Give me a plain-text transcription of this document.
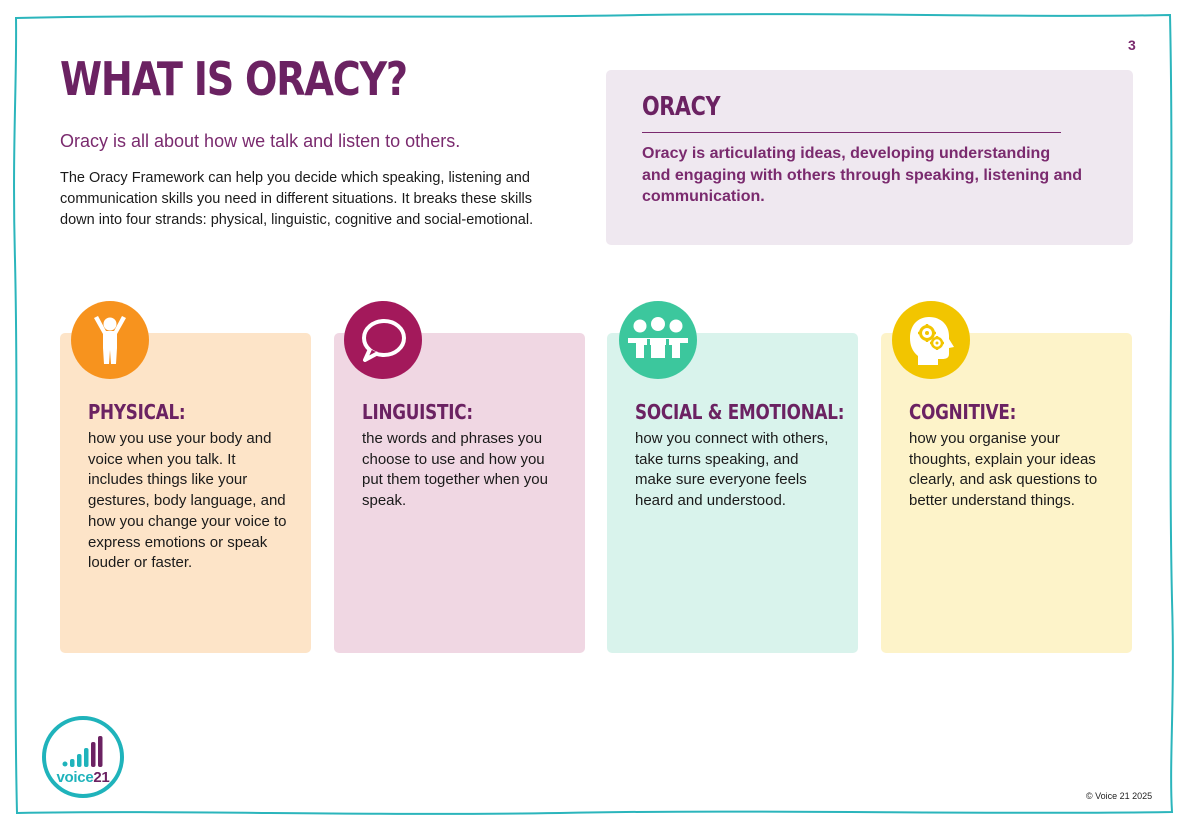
3
WHAT IS ORACY?

Oracy is all about how we talk and listen to others.

The Oracy Framework can help you decide which speaking, listening and communication skills you need in different situations. It breaks these skills down into four strands: physical, linguistic, cognitive and social-emotional.

ORACY

Oracy is articulating ideas, developing understanding and engaging with others through speaking, listening and communication.

PHYSICAL:

how you use your body and voice when you talk. It includes things like your gestures, body language, and how you change your voice to express emotions or speak louder or faster.

LINGUISTIC:

the words and phrases you choose to use and how you put them together when you speak.

SOCIAL & EMOTIONAL:

how you connect with others, take turns speaking, and make sure everyone feels heard and understood.

COGNITIVE:

how you organise your thoughts, explain your ideas clearly, and ask questions to better understand things.

voice21
© Voice 21 2025
